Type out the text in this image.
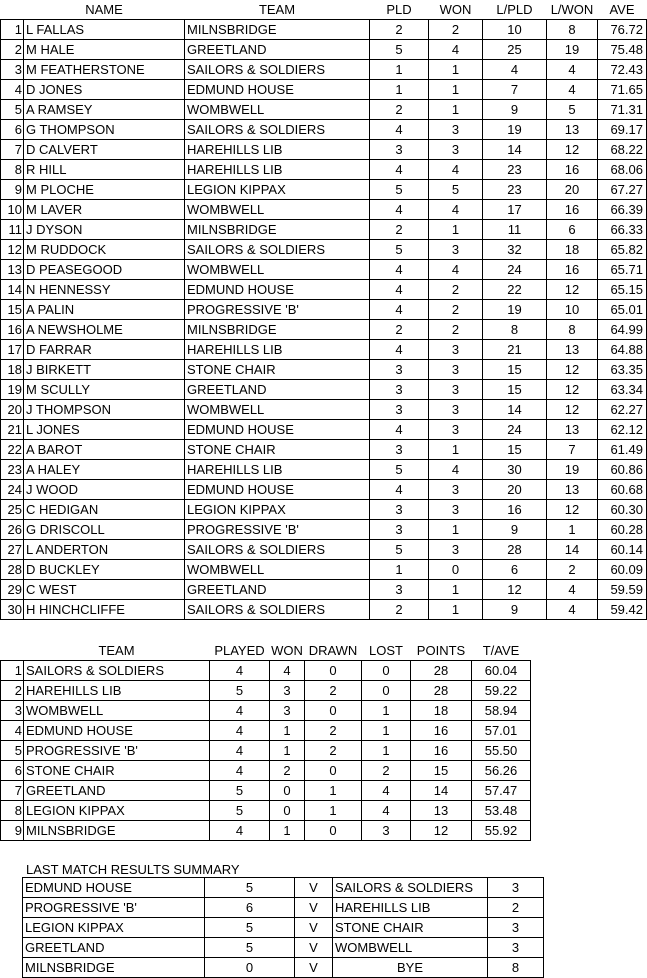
	NAME	TEAM	PLD	WON	L/PLD	L/WON	AVE
1	L FALLAS	MILNSBRIDGE	2	2	10	8	76.72
2	M HALE	GREETLAND	5	4	25	19	75.48
3	M FEATHERSTONE	SAILORS & SOLDIERS	1	1	4	4	72.43
4	D JONES	EDMUND HOUSE	1	1	7	4	71.65
5	A RAMSEY	WOMBWELL	2	1	9	5	71.31
6	G THOMPSON	SAILORS & SOLDIERS	4	3	19	13	69.17
7	D CALVERT	HAREHILLS LIB	3	3	14	12	68.22
8	R HILL	HAREHILLS LIB	4	4	23	16	68.06
9	M PLOCHE	LEGION KIPPAX	5	5	23	20	67.27
10	M LAVER	WOMBWELL	4	4	17	16	66.39
11	J DYSON	MILNSBRIDGE	2	1	11	6	66.33
12	M RUDDOCK	SAILORS & SOLDIERS	5	3	32	18	65.82
13	D PEASEGOOD	WOMBWELL	4	4	24	16	65.71
14	N HENNESSY	EDMUND HOUSE	4	2	22	12	65.15
15	A PALIN	PROGRESSIVE 'B'	4	2	19	10	65.01
16	A NEWSHOLME	MILNSBRIDGE	2	2	8	8	64.99
17	D FARRAR	HAREHILLS LIB	4	3	21	13	64.88
18	J BIRKETT	STONE CHAIR	3	3	15	12	63.35
19	M SCULLY	GREETLAND	3	3	15	12	63.34
20	J THOMPSON	WOMBWELL	3	3	14	12	62.27
21	L JONES	EDMUND HOUSE	4	3	24	13	62.12
22	A BAROT	STONE CHAIR	3	1	15	7	61.49
23	A HALEY	HAREHILLS LIB	5	4	30	19	60.86
24	J WOOD	EDMUND HOUSE	4	3	20	13	60.68
25	C HEDIGAN	LEGION KIPPAX	3	3	16	12	60.30
26	G DRISCOLL	PROGRESSIVE 'B'	3	1	9	1	60.28
27	L ANDERTON	SAILORS & SOLDIERS	5	3	28	14	60.14
28	D BUCKLEY	WOMBWELL	1	0	6	2	60.09
29	C WEST	GREETLAND	3	1	12	4	59.59
30	H HINCHCLIFFE	SAILORS & SOLDIERS	2	1	9	4	59.42
	TEAM	PLAYED	WON	DRAWN	LOST	POINTS	T/AVE
1	SAILORS & SOLDIERS	4	4	0	0	28	60.04
2	HAREHILLS LIB	5	3	2	0	28	59.22
3	WOMBWELL	4	3	0	1	18	58.94
4	EDMUND HOUSE	4	1	2	1	16	57.01
5	PROGRESSIVE 'B'	4	1	2	1	16	55.50
6	STONE CHAIR	4	2	0	2	15	56.26
7	GREETLAND	5	0	1	4	14	57.47
8	LEGION KIPPAX	5	0	1	4	13	53.48
9	MILNSBRIDGE	4	1	0	3	12	55.92
LAST MATCH RESULTS SUMMARY
EDMUND HOUSE	5	V	SAILORS & SOLDIERS	3
PROGRESSIVE 'B'	6	V	HAREHILLS LIB	2
LEGION KIPPAX	5	V	STONE CHAIR	3
GREETLAND	5	V	WOMBWELL	3
MILNSBRIDGE	0	V	BYE	8
